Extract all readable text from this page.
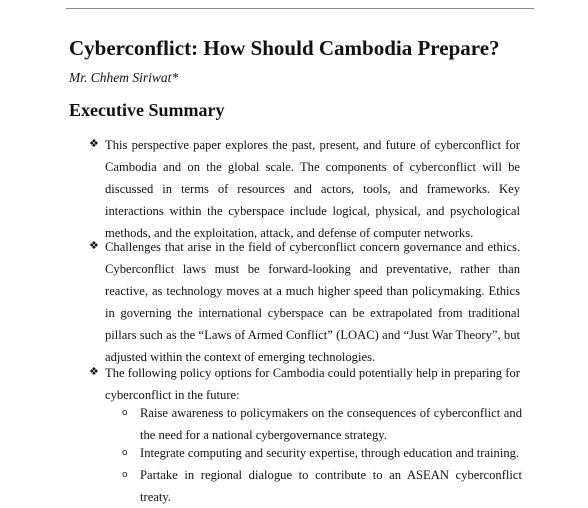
Cyberconflict: How Should Cambodia Prepare?
Mr. Chhem Siriwat*
Executive Summary
❖ This perspective paper explores the past, present, and future of cyberconflict for Cambodia and on the global scale. The components of cyberconflict will be discussed in terms of resources and actors, tools, and frameworks. Key interactions within the cyberspace include logical, physical, and psychological methods, and the exploitation, attack, and defense of computer networks.
❖ Challenges that arise in the field of cyberconflict concern governance and ethics. Cyberconflict laws must be forward-looking and preventative, rather than reactive, as technology moves at a much higher speed than policymaking. Ethics in governing the international cyberspace can be extrapolated from traditional pillars such as the “Laws of Armed Conflict” (LOAC) and “Just War Theory”, but adjusted within the context of emerging technologies.
❖ The following policy options for Cambodia could potentially help in preparing for cyberconflict in the future:
o Raise awareness to policymakers on the consequences of cyberconflict and the need for a national cybergovernance strategy.
o Integrate computing and security expertise, through education and training.
o Partake in regional dialogue to contribute to an ASEAN cyberconflict treaty.
